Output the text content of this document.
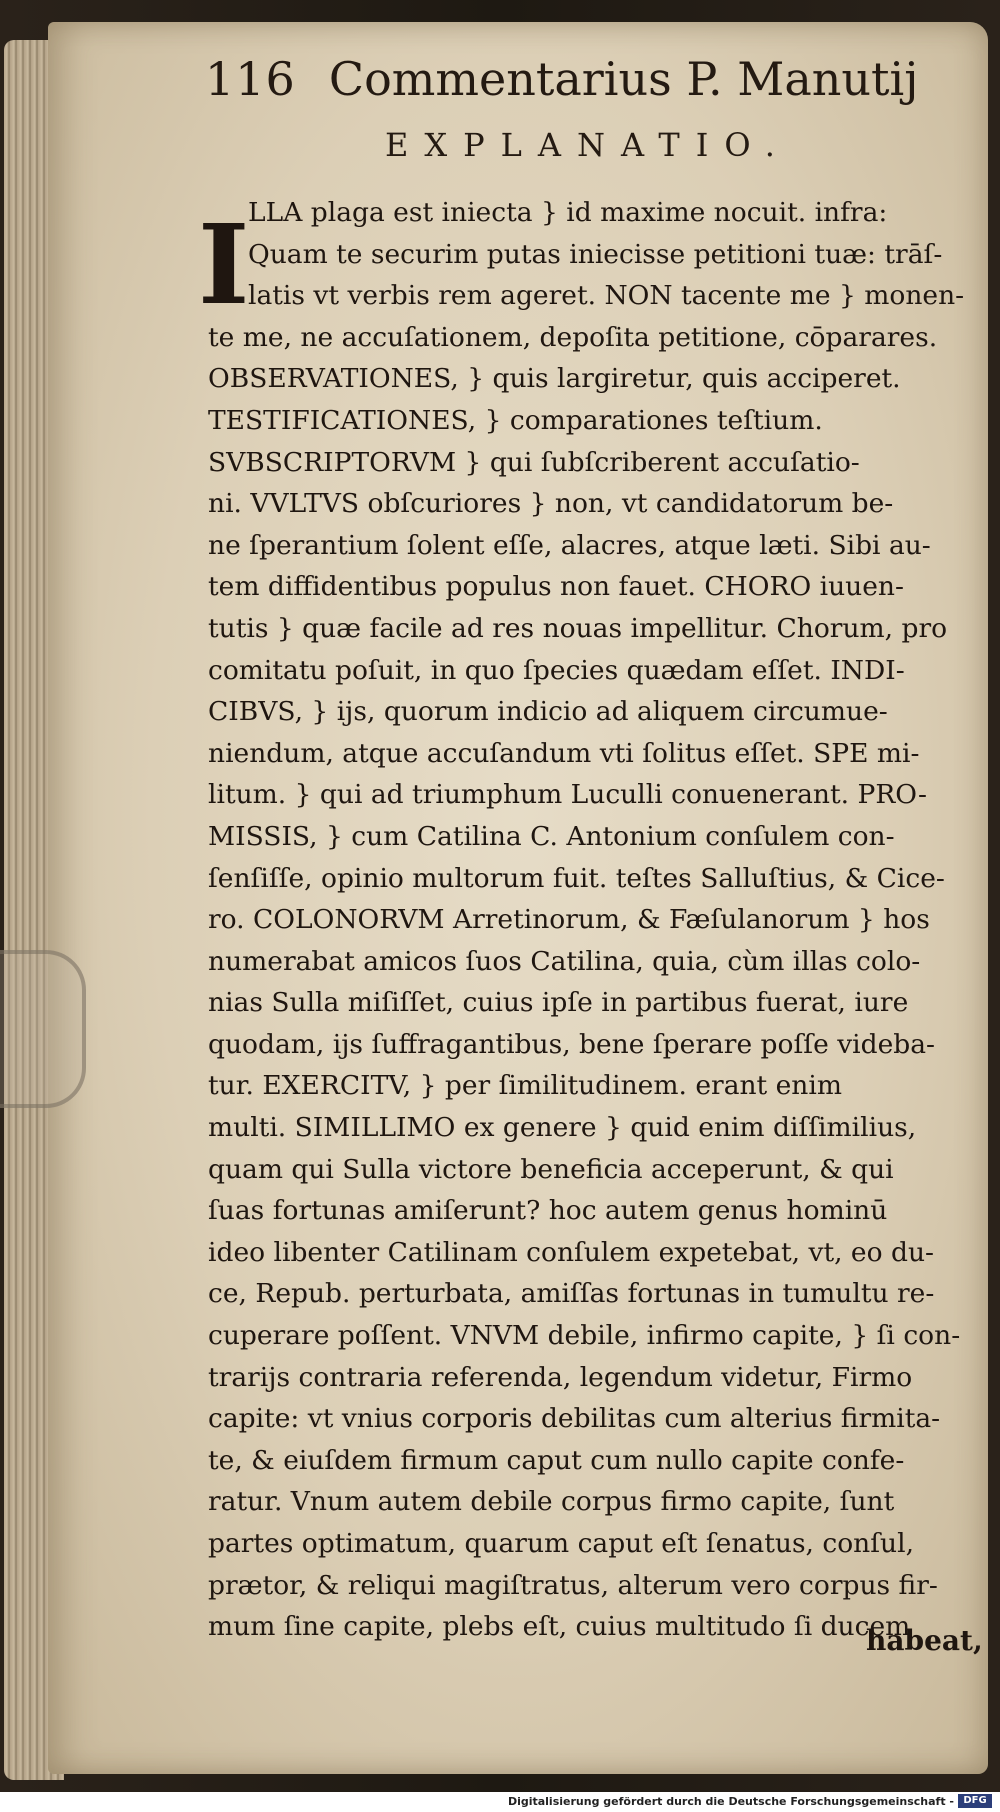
116 Commentarius P. Manutij
EXPLANATIO.
I
LLA plaga est iniecta } id maxime nocuit. infra:
Quam te securim putas iniecisse petitioni tuæ: trāſ-
latis vt verbis rem ageret. NON tacente me } monen-
te me, ne accuſationem, depoſita petitione, cōparares.
OBSERVATIONES, } quis largiretur, quis acciperet.
TESTIFICATIONES, } comparationes teſtium.
SVBSCRIPTORVM } qui ſubſcriberent accuſatio-
ni. VVLTVS obſcuriores } non, vt candidatorum be-
ne ſperantium ſolent eſſe, alacres, atque læti. Sibi au-
tem diffidentibus populus non fauet. CHORO iuuen-
tutis } quæ facile ad res nouas impellitur. Chorum, pro
comitatu poſuit, in quo ſpecies quædam eſſet. INDI-
CIBVS, } ijs, quorum indicio ad aliquem circumue-
niendum, atque accuſandum vti ſolitus eſſet. SPE mi-
litum. } qui ad triumphum Luculli conuenerant. PRO-
MISSIS, } cum Catilina C. Antonium conſulem con-
ſenſiſſe, opinio multorum fuit. teſtes Salluſtius, & Cice-
ro. COLONORVM Arretinorum, & Fæſulanorum } hos
numerabat amicos ſuos Catilina, quia, cùm illas colo-
nias Sulla miſiſſet, cuius ipſe in partibus fuerat, iure
quodam, ijs ſuffragantibus, bene ſperare poſſe videba-
tur. EXERCITV, } per ſimilitudinem. erant enim
multi. SIMILLIMO ex genere } quid enim diſſimilius,
quam qui Sulla victore beneficia acceperunt, & qui
ſuas fortunas amiſerunt? hoc autem genus hominū
ideo libenter Catilinam conſulem expetebat, vt, eo du-
ce, Repub. perturbata, amiſſas fortunas in tumultu re-
cuperare poſſent. VNVM debile, infirmo capite, } ſi con-
trarijs contraria referenda, legendum videtur, Firmo
capite: vt vnius corporis debilitas cum alterius firmita-
te, & eiuſdem firmum caput cum nullo capite confe-
ratur. Vnum autem debile corpus firmo capite, ſunt
partes optimatum, quarum caput eſt ſenatus, conſul,
prætor, & reliqui magiſtratus, alterum vero corpus fir-
mum ſine capite, plebs eſt, cuius multitudo ſi ducem
habeat,
Digitalisierung gefördert durch die Deutsche Forschungsgemeinschaft - DFG
